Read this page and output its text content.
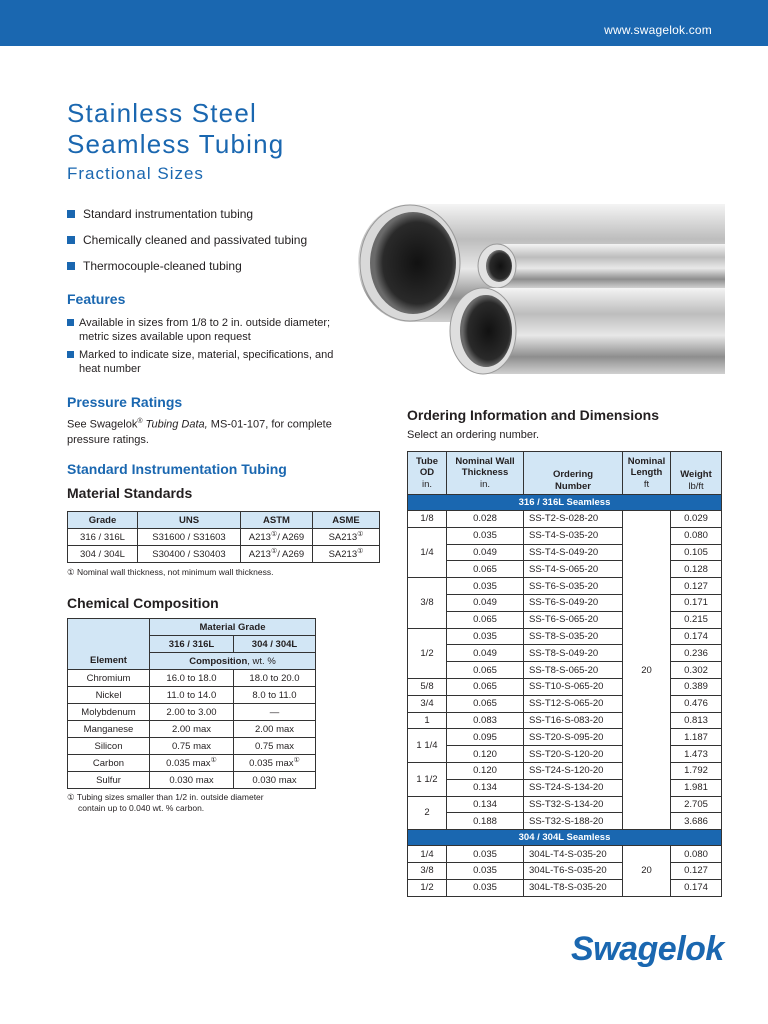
www.swagelok.com
Stainless Steel
Seamless Tubing
Fractional Sizes
Standard instrumentation tubing
Chemically cleaned and passivated tubing
Thermocouple-cleaned tubing
Features
Available in sizes from 1/8 to 2 in. outside diameter; metric sizes available upon request
Marked to indicate size, material, specifications, and heat number
Pressure Ratings
See Swagelok® Tubing Data, MS-01-107, for complete pressure ratings.
Standard Instrumentation Tubing
Material Standards
Grade	UNS	ASTM	ASME
316 / 316L	S31600 / S31603	A213①/ A269	SA213①
304 / 304L	S30400 / S30403	A213①/ A269	SA213①
① Nominal wall thickness, not minimum wall thickness.
Chemical Composition
Element	Material Grade	
	316 / 316L	304 / 304L
	Composition, wt. %	
Chromium	16.0 to 18.0	18.0 to 20.0
Nickel	11.0 to 14.0	8.0 to 11.0
Molybdenum	2.00 to 3.00	—
Manganese	2.00 max	2.00 max
Silicon	0.75 max	0.75 max
Carbon	0.035 max①	0.035 max①
Sulfur	0.030 max	0.030 max
① Tubing sizes smaller than 1/2 in. outside diameter
contain up to 0.040 wt. % carbon.
Ordering Information and Dimensions
Select an ordering number.
Tube
OD
in.	Nominal Wall
Thickness
in.	Ordering
Number	Nominal
Length
ft	Weight
lb/ft
316 / 316L Seamless				
1/8	0.028	SS-T2-S-028-20	20	0.029
1/4	0.035	SS-T4-S-035-20		0.080
	0.049	SS-T4-S-049-20		0.105
	0.065	SS-T4-S-065-20		0.128
3/8	0.035	SS-T6-S-035-20		0.127
	0.049	SS-T6-S-049-20		0.171
	0.065	SS-T6-S-065-20		0.215
1/2	0.035	SS-T8-S-035-20		0.174
	0.049	SS-T8-S-049-20		0.236
	0.065	SS-T8-S-065-20		0.302
5/8	0.065	SS-T10-S-065-20		0.389
3/4	0.065	SS-T12-S-065-20		0.476
1	0.083	SS-T16-S-083-20		0.813
1 1/4	0.095	SS-T20-S-095-20		1.187
	0.120	SS-T20-S-120-20		1.473
1 1/2	0.120	SS-T24-S-120-20		1.792
	0.134	SS-T24-S-134-20		1.981
2	0.134	SS-T32-S-134-20		2.705
	0.188	SS-T32-S-188-20		3.686
304 / 304L Seamless				
1/4	0.035	304L-T4-S-035-20	20	0.080
3/8	0.035	304L-T6-S-035-20		0.127
1/2	0.035	304L-T8-S-035-20		0.174
Swagelok
